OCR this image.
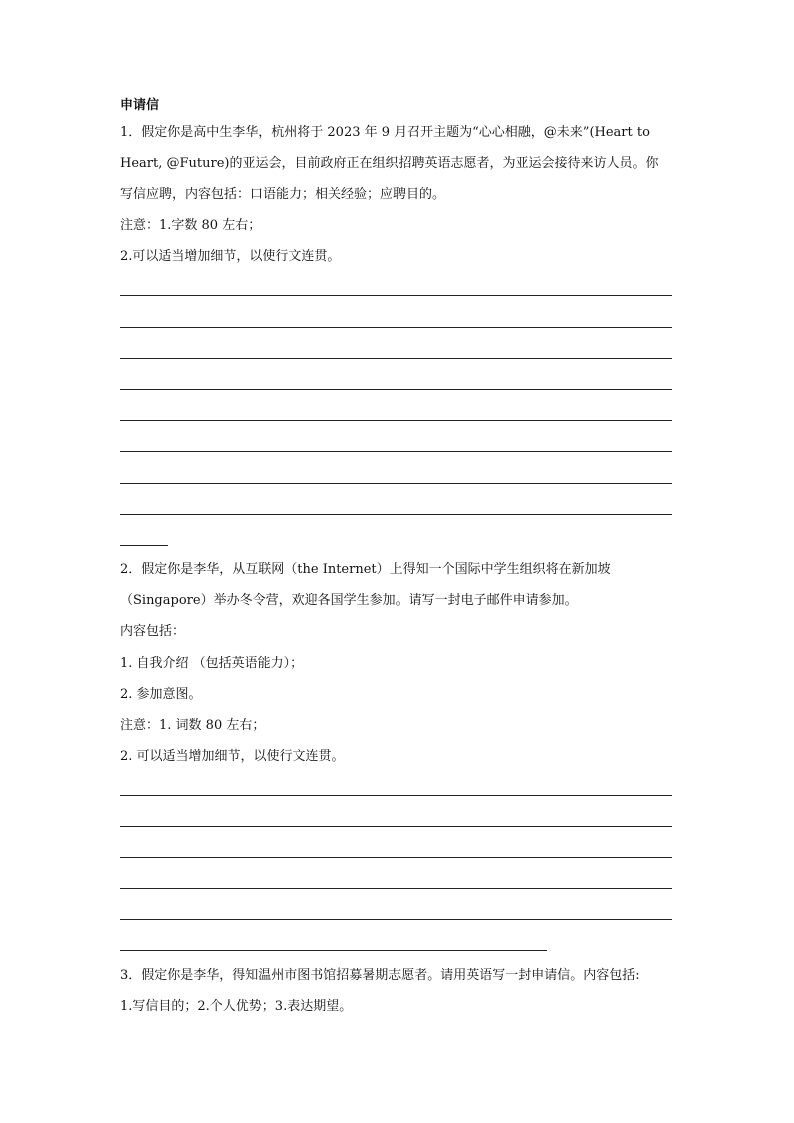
申请信
1．假定你是高中生李华，杭州将于 2023 年 9 月召开主题为“心心相融，@未来”(Heart to
Heart, @Future)的亚运会，目前政府正在组织招聘英语志愿者，为亚运会接待来访人员。你
写信应聘，内容包括：口语能力；相关经验；应聘目的。
注意：1.字数 80 左右；
2.可以适当增加细节，以使行文连贯。
2．假定你是李华，从互联网（the Internet）上得知一个国际中学生组织将在新加坡
（Singapore）举办冬令营，欢迎各国学生参加。请写一封电子邮件申请参加。
内容包括：
1. 自我介绍 （包括英语能力）；
2. 参加意图。
注意：1. 词数 80 左右；
2. 可以适当增加细节，以使行文连贯。
3．假定你是李华，得知温州市图书馆招募暑期志愿者。请用英语写一封申请信。内容包括:
1.写信目的；2.个人优势；3.表达期望。
